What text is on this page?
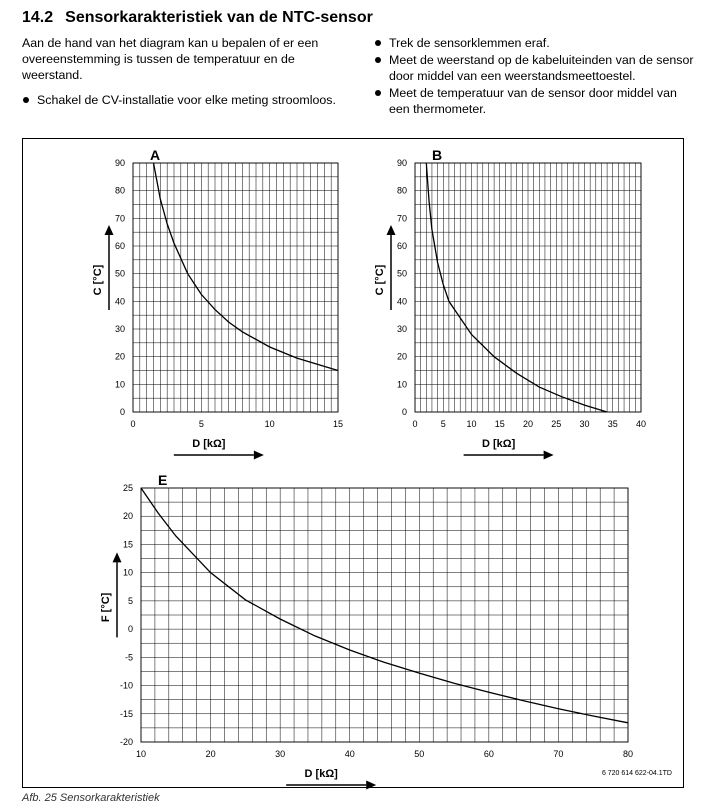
14.2 Sensorkarakteristiek van de NTC-sensor

Aan de hand van het diagram kan u bepalen of er een overeenstemming is tussen de temperatuur en de weerstand.

Schakel de CV-installatie voor elke meting stroomloos.
Trek de sensorklemmen eraf.
Meet de weerstand op de kabeluiteinden van de sensor door middel van een weerstandsmeettoestel.
Meet de temperatuur van de sensor door middel van een thermometer.
0	5	10	15
0
10
20
30
40
50
60
70
80
90 A
D [kΩ]
C [°C]
0	5 10 15 20 25 30 35 40
0
10
20
30
40
50
60
70
80
90 B
D [kΩ]
C [°C]
10	20	30	40	50	60	70	80
-20
-15
-10
-5
0
5
10
15
20
25 E
D [kΩ]
F [°C]
6 720 614 622-04.1TD
Afb. 25 Sensorkarakteristiek
